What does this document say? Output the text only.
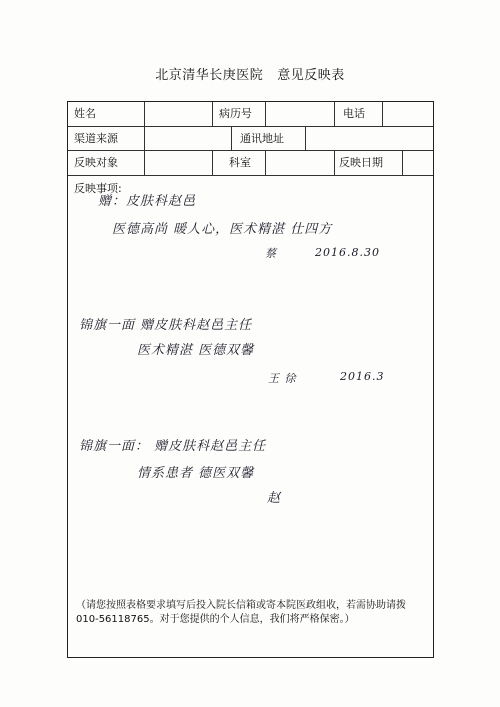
北京清华长庚医院 意见反映表
姓名	病历号	电话
渠道来源	通讯地址
反映对象	科室	反映日期
反映事项:
赠：皮肤科赵邑
医德高尚 暖人心，医术精湛 仕四方
蔡	2016.8.30
锦旗一面 赠皮肤科赵邑主任
医术精湛 医德双馨
王 徐	2016.3
锦旗一面： 赠皮肤科赵邑主任
情系患者 德医双馨
赵
（请您按照表格要求填写后投入院长信箱或寄本院医政组收，若需协助请拨010-56118765。对于您提供的个人信息，我们将严格保密。）
